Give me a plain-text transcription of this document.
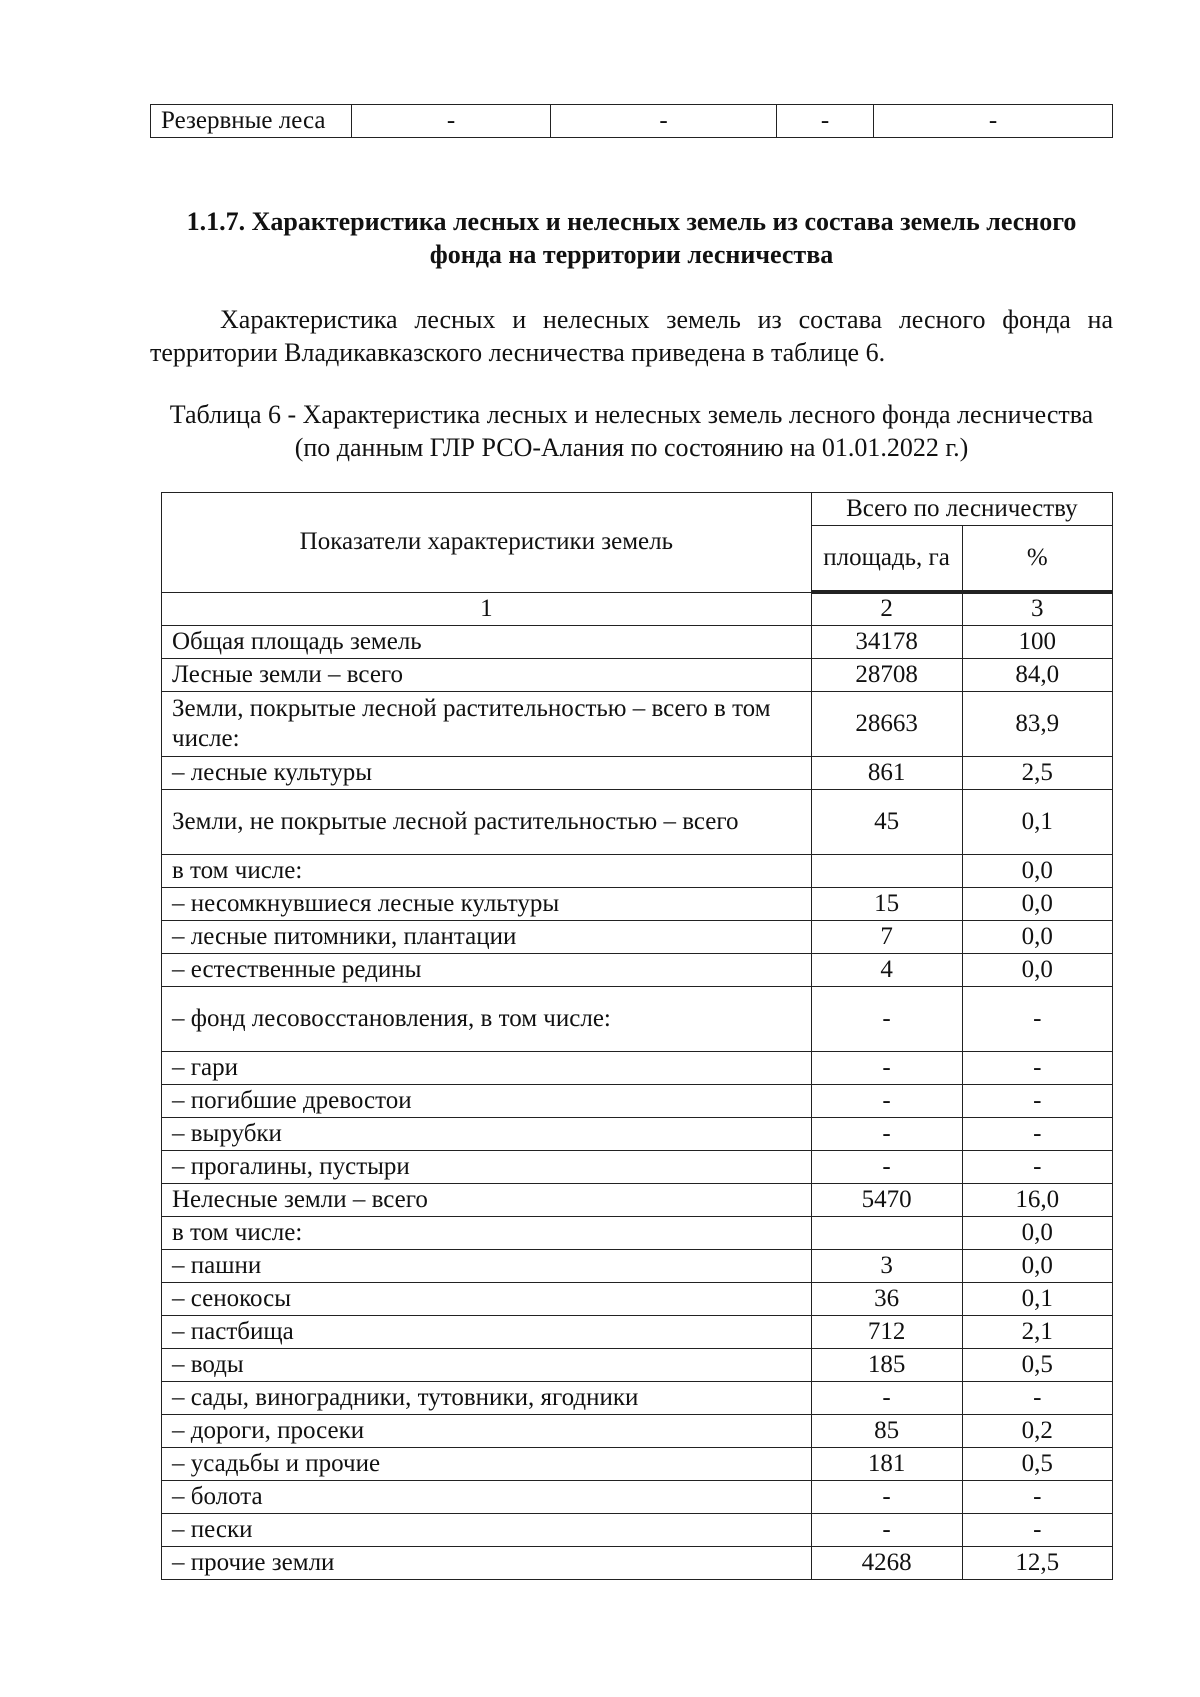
Резервные леса	-	-	-	-
1.1.7. Характеристика лесных и нелесных земель из состава земель лесного фонда на территории лесничества
Характеристика лесных и нелесных земель из состава лесного фонда на территории Владикавказского лесничества приведена в таблице 6.
Таблица 6 - Характеристика лесных и нелесных земель лесного фонда лесничества (по данным ГЛР РСО-Алания по состоянию на 01.01.2022 г.)
Показатели характеристики земель	Всего по лесничеству	
	площадь, га	%
1	2	3
Общая площадь земель	34178	100
Лесные земли – всего	28708	84,0
Земли, покрытые лесной растительностью – всего в том числе:	28663	83,9
– лесные культуры	861	2,5
Земли, не покрытые лесной растительностью – всего	45	0,1
в том числе:		0,0
– несомкнувшиеся лесные культуры	15	0,0
– лесные питомники, плантации	7	0,0
– естественные редины	4	0,0
– фонд лесовосстановления, в том числе:	-	-
– гари	-	-
– погибшие древостои	-	-
– вырубки	-	-
– прогалины, пустыри	-	-
Нелесные земли – всего	5470	16,0
в том числе:		0,0
– пашни	3	0,0
– сенокосы	36	0,1
– пастбища	712	2,1
– воды	185	0,5
– сады, виноградники, тутовники, ягодники	-	-
– дороги, просеки	85	0,2
– усадьбы и прочие	181	0,5
– болота	-	-
– пески	-	-
– прочие земли	4268	12,5
